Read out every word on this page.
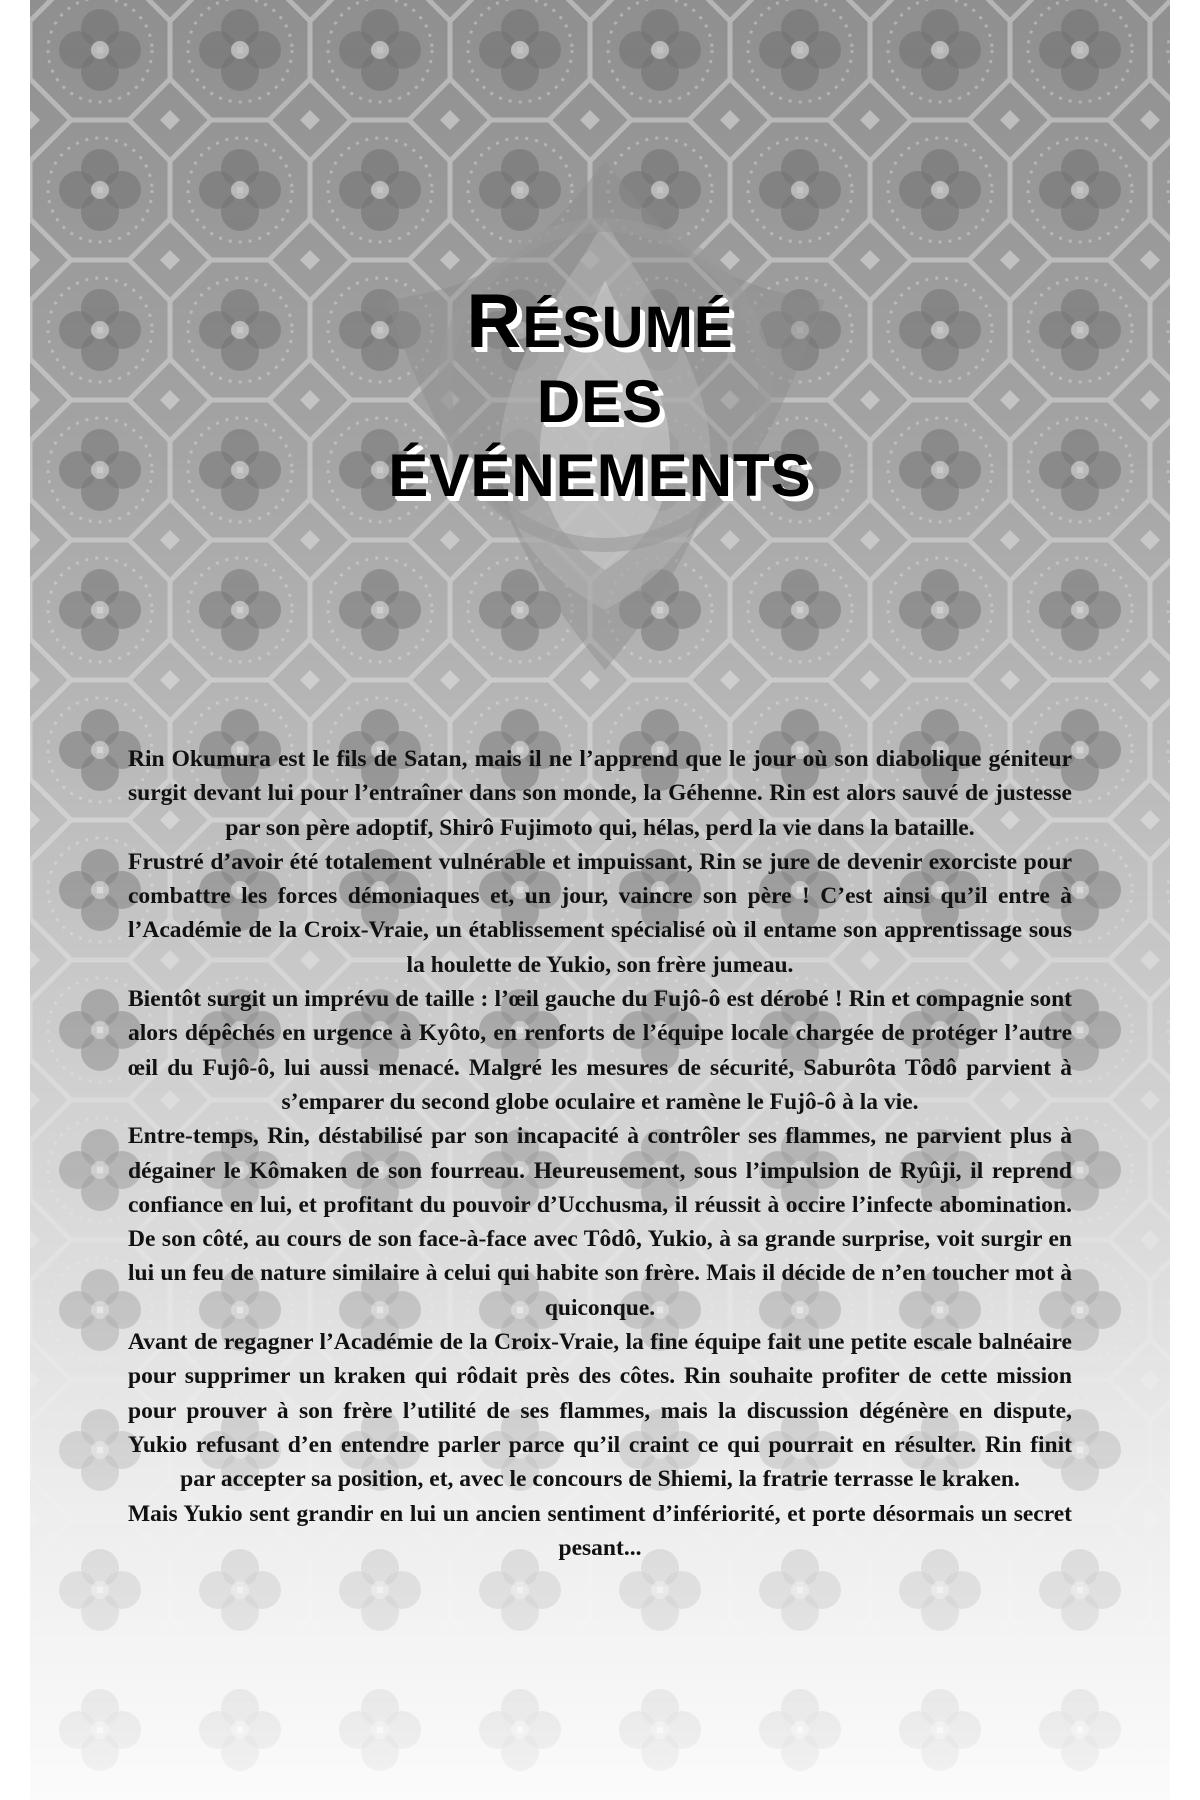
RÉSUMÉ
DES
ÉVÉNEMENTS

Rin Okumura est le fils de Satan, mais il ne l’apprend que le jour où son diabolique géniteur surgit devant lui pour l’entraîner dans son monde, la Géhenne. Rin est alors sauvé de justesse par son père adoptif, Shirô Fujimoto qui, hélas, perd la vie dans la bataille.

Frustré d’avoir été totalement vulnérable et impuissant, Rin se jure de devenir exorciste pour combattre les forces démoniaques et, un jour, vaincre son père ! C’est ainsi qu’il entre à l’Académie de la Croix-Vraie, un établissement spécialisé où il entame son apprentissage sous la houlette de Yukio, son frère jumeau.

Bientôt surgit un imprévu de taille : l’œil gauche du Fujô-ô est dérobé ! Rin et compagnie sont alors dépêchés en urgence à Kyôto, en renforts de l’équipe locale chargée de protéger l’autre œil du Fujô-ô, lui aussi menacé. Malgré les mesures de sécurité, Saburôta Tôdô parvient à s’emparer du second globe oculaire et ramène le Fujô-ô à la vie.

Entre-temps, Rin, déstabilisé par son incapacité à contrôler ses flammes, ne parvient plus à dégainer le Kômaken de son fourreau. Heureusement, sous l’impulsion de Ryûji, il reprend confiance en lui, et profitant du pouvoir d’Ucchusma, il réussit à occire l’infecte abomination. De son côté, au cours de son face-à-face avec Tôdô, Yukio, à sa grande surprise, voit surgir en lui un feu de nature similaire à celui qui habite son frère. Mais il décide de n’en toucher mot à quiconque.

Avant de regagner l’Académie de la Croix-Vraie, la fine équipe fait une petite escale balnéaire pour supprimer un kraken qui rôdait près des côtes. Rin souhaite profiter de cette mission pour prouver à son frère l’utilité de ses flammes, mais la discussion dégénère en dispute, Yukio refusant d’en entendre parler parce qu’il craint ce qui pourrait en résulter. Rin finit par accepter sa position, et, avec le concours de Shiemi, la fratrie terrasse le kraken.

Mais Yukio sent grandir en lui un ancien sentiment d’infériorité, et porte désormais un secret pesant...
